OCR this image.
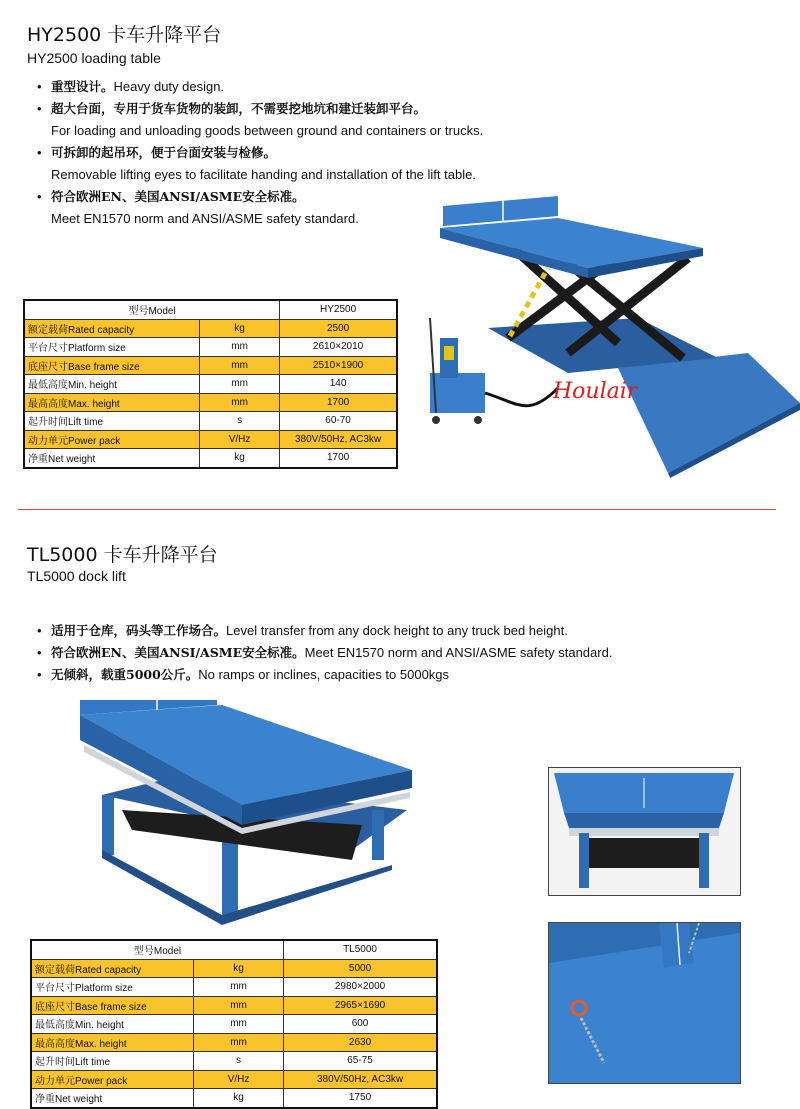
HY2500 卡车升降平台
HY2500 loading table
• 重型设计。Heavy duty design.
• 超大台面，专用于货车货物的装卸，不需要挖地坑和建迁装卸平台。
For loading and unloading goods between ground and containers or trucks.
• 可拆卸的起吊环，便于台面安装与检修。
Removable lifting eyes to facilitate handing and installation of the lift table.
• 符合欧洲EN、美国ANSI/ASME安全标准。
Meet EN1570 norm and ANSI/ASME safety standard.
Houlair
型号Model		HY2500
额定载荷Rated capacity	kg	2500
平台尺寸Platform size	mm	2610×2010
底座尺寸Base frame size	mm	2510×1900
最低高度Min. height	mm	140
最高高度Max. height	mm	1700
起升时间Lift time	s	60-70
动力单元Power pack	V/Hz	380V/50Hz, AC3kw
净重Net weight	kg	1700
TL5000 卡车升降平台
TL5000 dock lift
• 适用于仓库，码头等工作场合。Level transfer from any dock height to any truck bed height.
• 符合欧洲EN、美国ANSI/ASME安全标准。Meet EN1570 norm and ANSI/ASME safety standard.
• 无倾斜，载重5000公斤。No ramps or inclines, capacities to 5000kgs
型号Model		TL5000
额定载荷Rated capacity	kg	5000
平台尺寸Platform size	mm	2980×2000
底座尺寸Base frame size	mm	2965×1690
最低高度Min. height	mm	600
最高高度Max. height	mm	2630
起升时间Lift time	s	65-75
动力单元Power pack	V/Hz	380V/50Hz, AC3kw
净重Net weight	kg	1750
